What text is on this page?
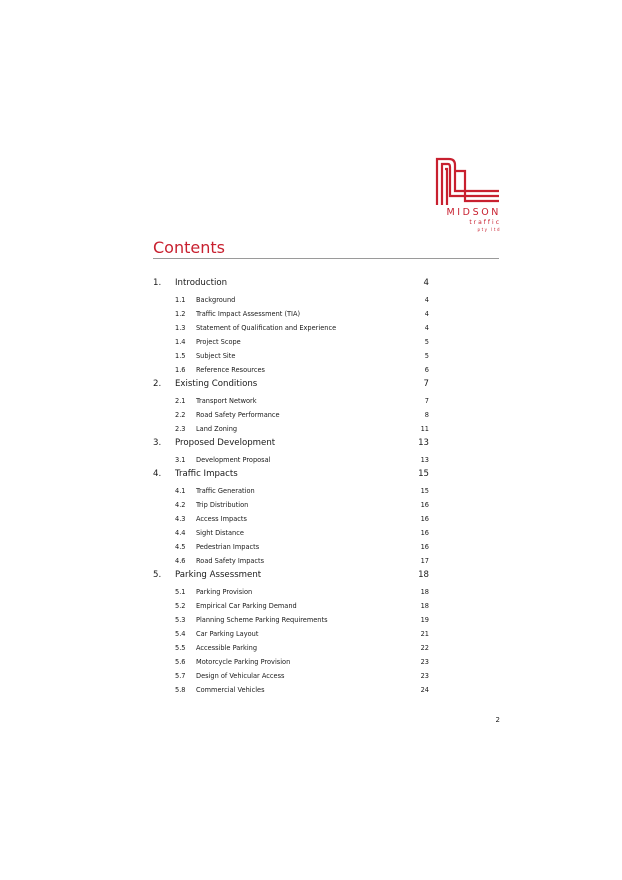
MIDSON
traffic
pty ltd
Contents
1. Introduction	4
1.1 Background	4
1.2 Traffic Impact Assessment (TIA)	4
1.3 Statement of Qualification and Experience	4
1.4 Project Scope	5
1.5 Subject Site	5
1.6 Reference Resources	6
2. Existing Conditions	7
2.1 Transport Network	7
2.2 Road Safety Performance	8
2.3 Land Zoning	11
3. Proposed Development	13
3.1 Development Proposal	13
4. Traffic Impacts	15
4.1 Traffic Generation	15
4.2 Trip Distribution	16
4.3 Access Impacts	16
4.4 Sight Distance	16
4.5 Pedestrian Impacts	16
4.6 Road Safety Impacts	17
5. Parking Assessment	18
5.1 Parking Provision	18
5.2 Empirical Car Parking Demand	18
5.3 Planning Scheme Parking Requirements	19
5.4 Car Parking Layout	21
5.5 Accessible Parking	22
5.6 Motorcycle Parking Provision	23
5.7 Design of Vehicular Access	23
5.8 Commercial Vehicles	24
2
